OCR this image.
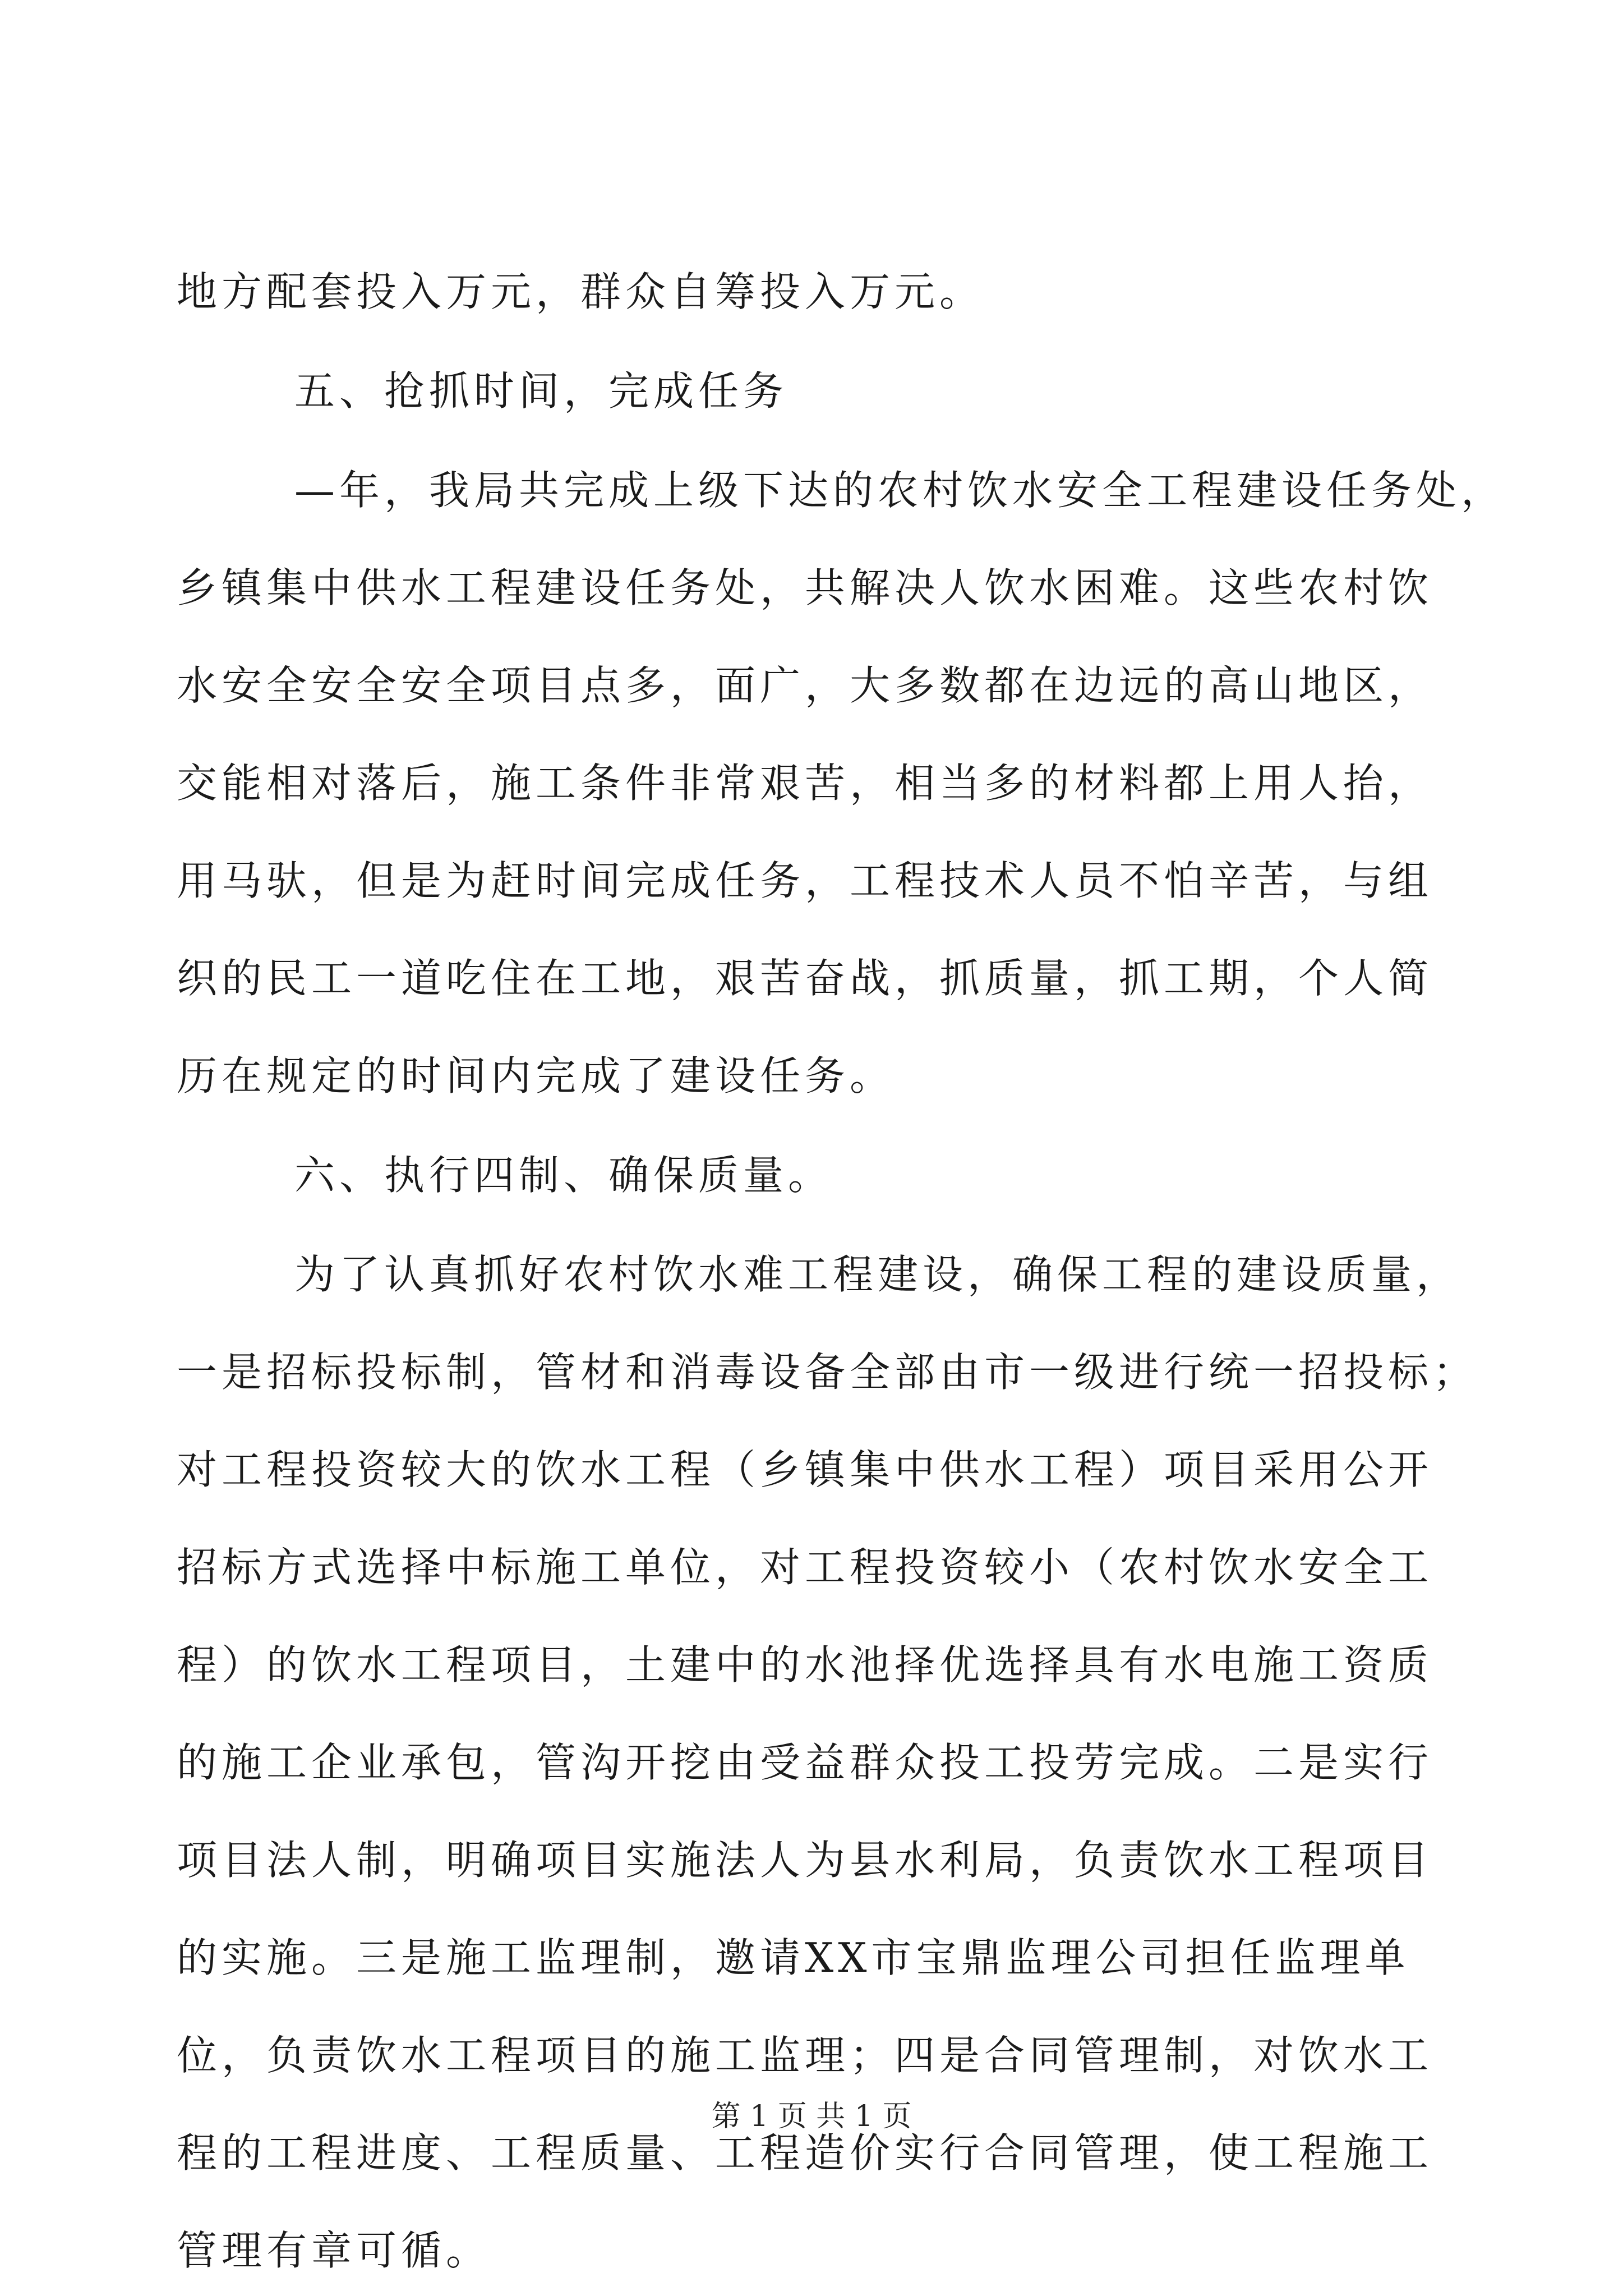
地方配套投入万元，群众自筹投入万元。
五、抢抓时间，完成任务
—年，我局共完成上级下达的农村饮水安全工程建设任务处，
乡镇集中供水工程建设任务处，共解决人饮水困难。这些农村饮
水安全安全安全项目点多，面广，大多数都在边远的高山地区，
交能相对落后，施工条件非常艰苦，相当多的材料都上用人抬，
用马驮，但是为赶时间完成任务，工程技术人员不怕辛苦，与组
织的民工一道吃住在工地，艰苦奋战，抓质量，抓工期，个人简
历在规定的时间内完成了建设任务。
六、执行四制、确保质量。
为了认真抓好农村饮水难工程建设，确保工程的建设质量，
一是招标投标制，管材和消毒设备全部由市一级进行统一招投标；
对工程投资较大的饮水工程（乡镇集中供水工程）项目采用公开
招标方式选择中标施工单位，对工程投资较小（农村饮水安全工
程）的饮水工程项目，土建中的水池择优选择具有水电施工资质
的施工企业承包，管沟开挖由受益群众投工投劳完成。二是实行
项目法人制，明确项目实施法人为县水利局，负责饮水工程项目
的实施。三是施工监理制，邀请XX市宝鼎监理公司担任监理单
位，负责饮水工程项目的施工监理；四是合同管理制，对饮水工
程的工程进度、工程质量、工程造价实行合同管理，使工程施工
管理有章可循。
第 1 页 共 1 页
